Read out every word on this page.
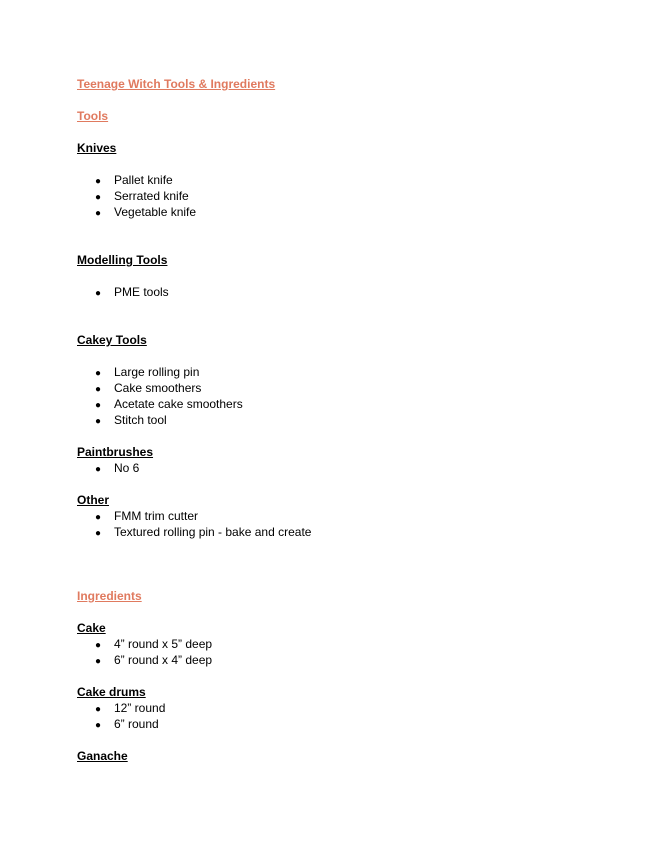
Teenage Witch Tools & Ingredients
Tools
Knives
● Pallet knife
● Serrated knife
● Vegetable knife
Modelling Tools
● PME tools
Cakey Tools
● Large rolling pin
● Cake smoothers
● Acetate cake smoothers
● Stitch tool
Paintbrushes
● No 6
Other
● FMM trim cutter
● Textured rolling pin - bake and create
Ingredients
Cake
● 4” round x 5” deep
● 6” round x 4” deep
Cake drums
● 12” round
● 6” round
Ganache
